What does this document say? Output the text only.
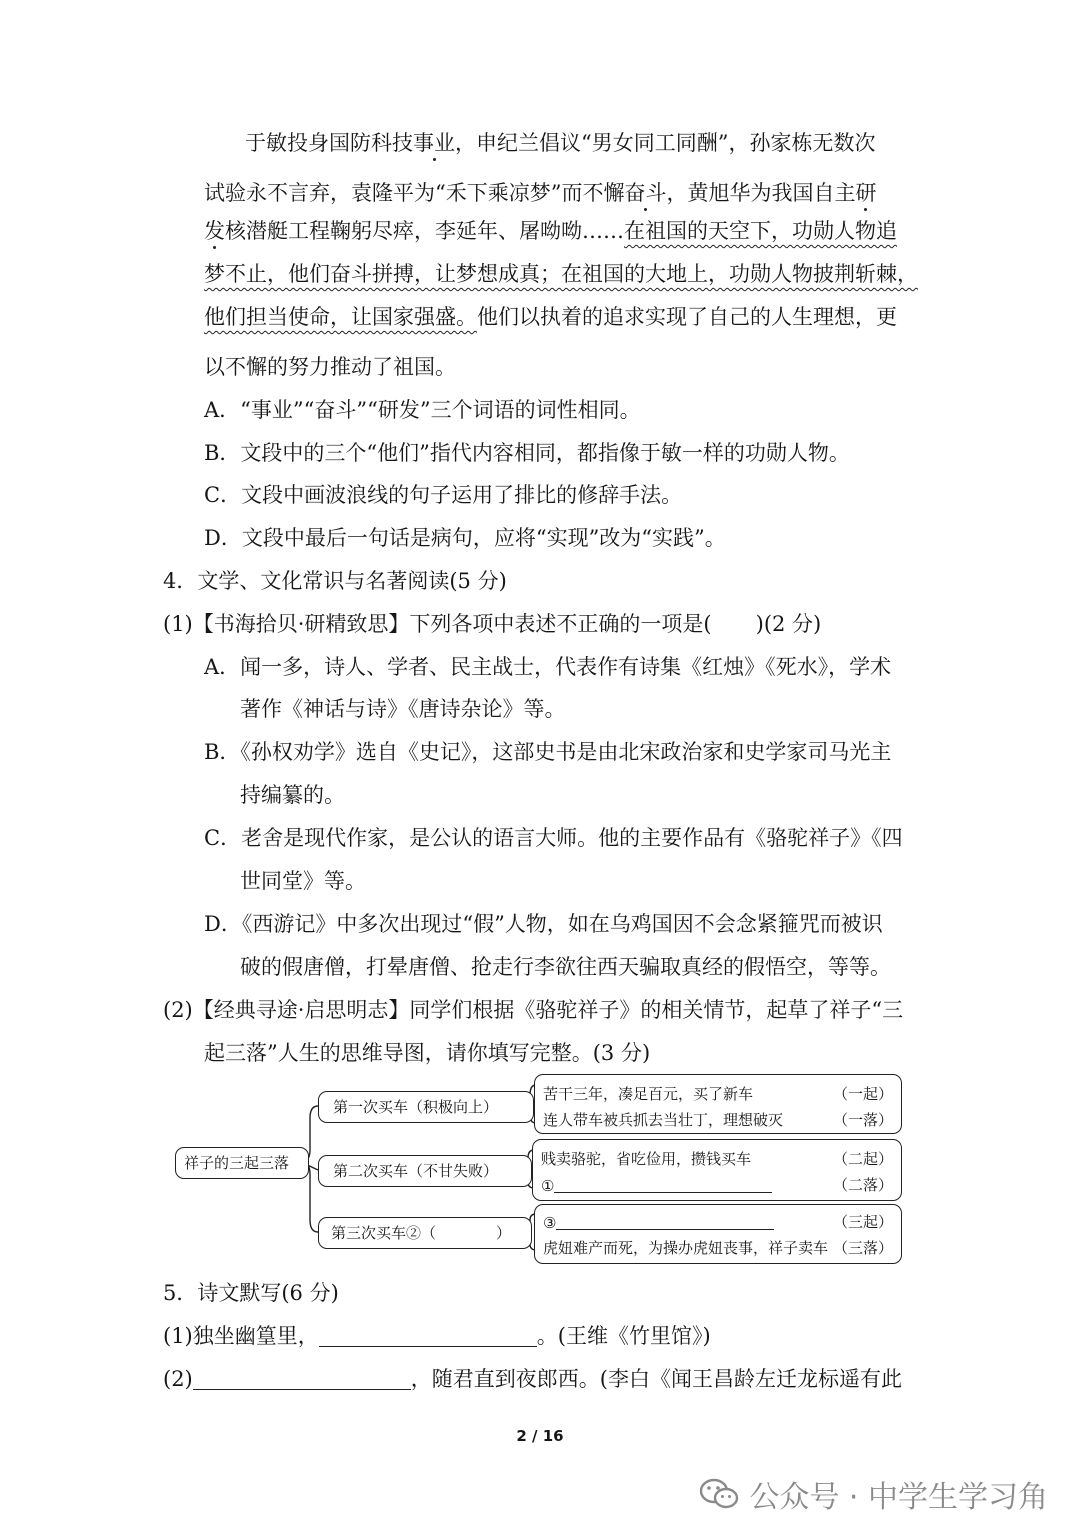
于敏投身国防科技事业，申纪兰倡议“男女同工同酬”，孙家栋无数次
试验永不言弃，袁隆平为“禾下乘凉梦”而不懈奋斗，黄旭华为我国自主研
发核潜艇工程鞠躬尽瘁，李延年、屠呦呦……在祖国的天空下，功勋人物追
梦不止，他们奋斗拼搏，让梦想成真；在祖国的大地上，功勋人物披荆斩棘，
他们担当使命，让国家强盛。他们以执着的追求实现了自己的人生理想，更
以不懈的努力推动了祖国。
A．“事业”“奋斗”“研发”三个词语的词性相同。
B．文段中的三个“他们”指代内容相同，都指像于敏一样的功勋人物。
C．文段中画波浪线的句子运用了排比的修辞手法。
D．文段中最后一句话是病句，应将“实现”改为“实践”。
4．文学、文化常识与名著阅读(5 分)
(1)【书海拾贝·研精致思】下列各项中表述不正确的一项是( )(2 分)
A．闻一多，诗人、学者、民主战士，代表作有诗集《红烛》《死水》，学术
著作《神话与诗》《唐诗杂论》等。
B．《孙权劝学》选自《史记》，这部史书是由北宋政治家和史学家司马光主
持编纂的。
C．老舍是现代作家，是公认的语言大师。他的主要作品有《骆驼祥子》《四
世同堂》等。
D．《西游记》中多次出现过“假”人物，如在乌鸡国因不会念紧箍咒而被识
破的假唐僧，打晕唐僧、抢走行李欲往西天骗取真经的假悟空，等等。
(2)【经典寻途·启思明志】同学们根据《骆驼祥子》的相关情节，起草了祥子“三
起三落”人生的思维导图，请你填写完整。(3 分)
祥子的三起三落
第一次买车（积极向上）
第二次买车（不甘失败）
第三次买车②（	）
苦干三年，凑足百元，买了新车	（一起）
连人带车被兵抓去当壮丁，理想破灭	（一落）
贱卖骆驼，省吃俭用，攒钱买车	（二起）
①	（二落）
③	（三起）
虎妞难产而死，为操办虎妞丧事，祥子卖车 （三落）
5．诗文默写(6 分)
(1)独坐幽篁里，	。(王维《竹里馆》)
(2)	，随君直到夜郎西。(李白《闻王昌龄左迁龙标遥有此
2 / 16
公众号 · 中学生学习角
